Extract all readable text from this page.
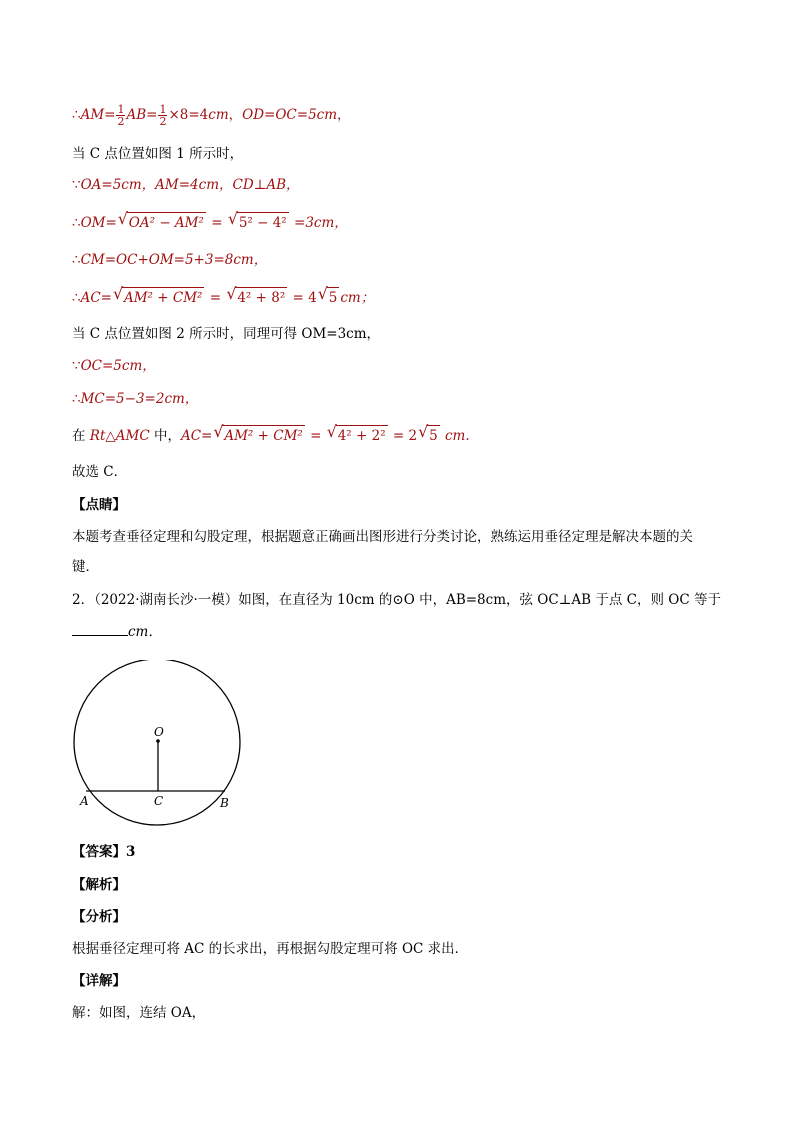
∴AM= $\frac{1}{2} AB= \frac{1}{2} \times 8=4cm$，OD=OC=5cm，
当 C 点位置如图 1 所示时，
∵OA=5cm，AM=4cm，CD⊥AB，
∴OM= √ OA² − AM² = √ 5² − 4² =3cm，
∴CM=OC+OM=5+3=8cm，
∴AC= √ AM² + CM² = √ 4² + 8² = 4 √ 5 cm；
当 C 点位置如图 2 所示时，同理可得 OM=3cm，
∵OC=5cm，
∴MC=5−3=2cm，
在 Rt△AMC 中，AC= √ AM² + CM² = √ 4² + 2² = 2 √ 5 cm.
故选 C．
【点睛】
本题考查垂径定理和勾股定理，根据题意正确画出图形进行分类讨论，熟练运用垂径定理是解决本题的关
键．
2．（2022·湖南长沙·一模）如图，在直径为 10cm 的⊙O 中，AB=8cm，弦 OC⊥AB 于点 C，则 OC 等于
cm．
O
A	C	B
【答案】3
【解析】
【分析】
根据垂径定理可将 AC 的长求出，再根据勾股定理可将 OC 求出．
【详解】
解：如图，连结 OA，
